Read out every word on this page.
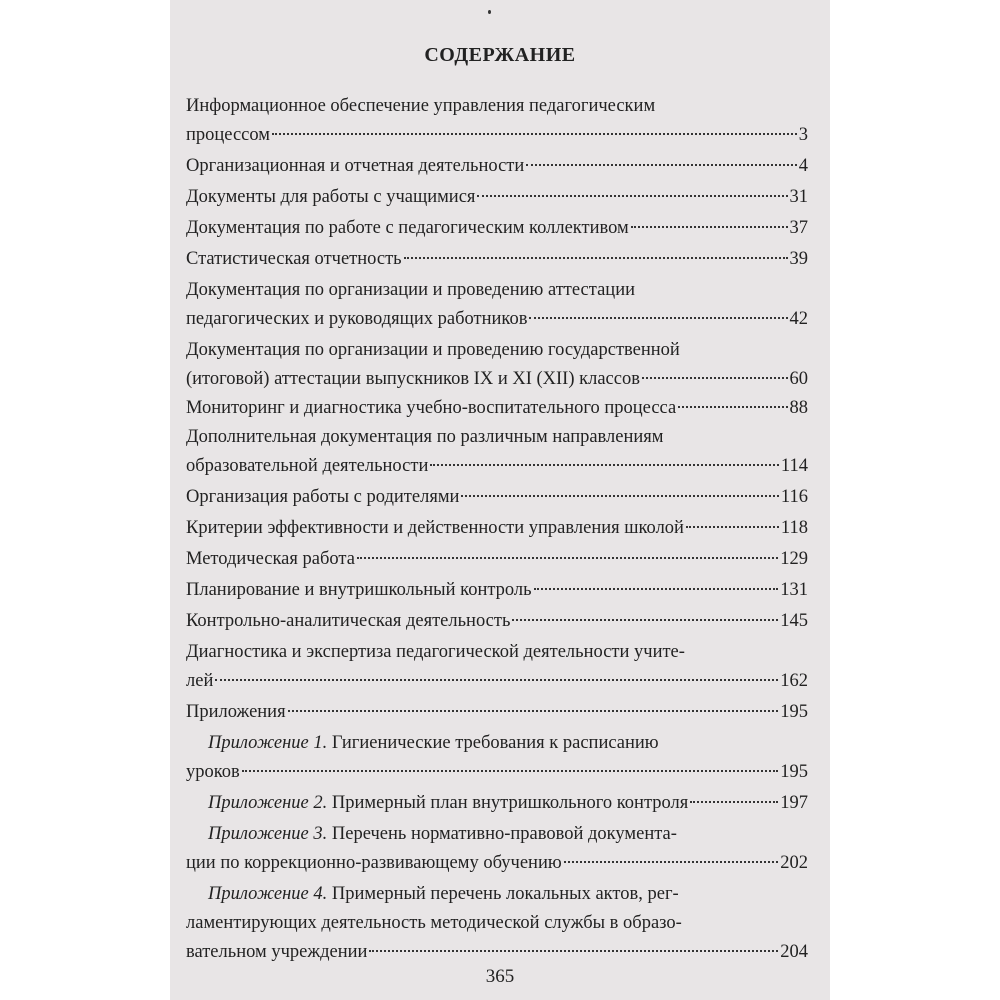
СОДЕРЖАНИЕ
Информационное обеспечение управления педагогическим
процессом	3
Организационная и отчетная деятельности	4
Документы для работы с учащимися	31
Документация по работе с педагогическим коллективом	37
Статистическая отчетность	39
Документация по организации и проведению аттестации
педагогических и руководящих работников	42
Документация по организации и проведению государственной
(итоговой) аттестации выпускников IX и XI (XII) классов	60
Мониторинг и диагностика учебно-воспитательного процесса	88
Дополнительная документация по различным направлениям
образовательной деятельности	114
Организация работы с родителями	116
Критерии эффективности и действенности управления школой	118
Методическая работа	129
Планирование и внутришкольный контроль	131
Контрольно-аналитическая деятельность	145
Диагностика и экспертиза педагогической деятельности учите-
лей	162
Приложения	195
Приложение 1. Гигиенические требования к расписанию
уроков	195
Приложение 2. Примерный план внутришкольного контроля	197
Приложение 3. Перечень нормативно-правовой документа-
ции по коррекционно-развивающему обучению	202
Приложение 4. Примерный перечень локальных актов, рег-
ламентирующих деятельность методической службы в образо-
вательном учреждении	204
365
